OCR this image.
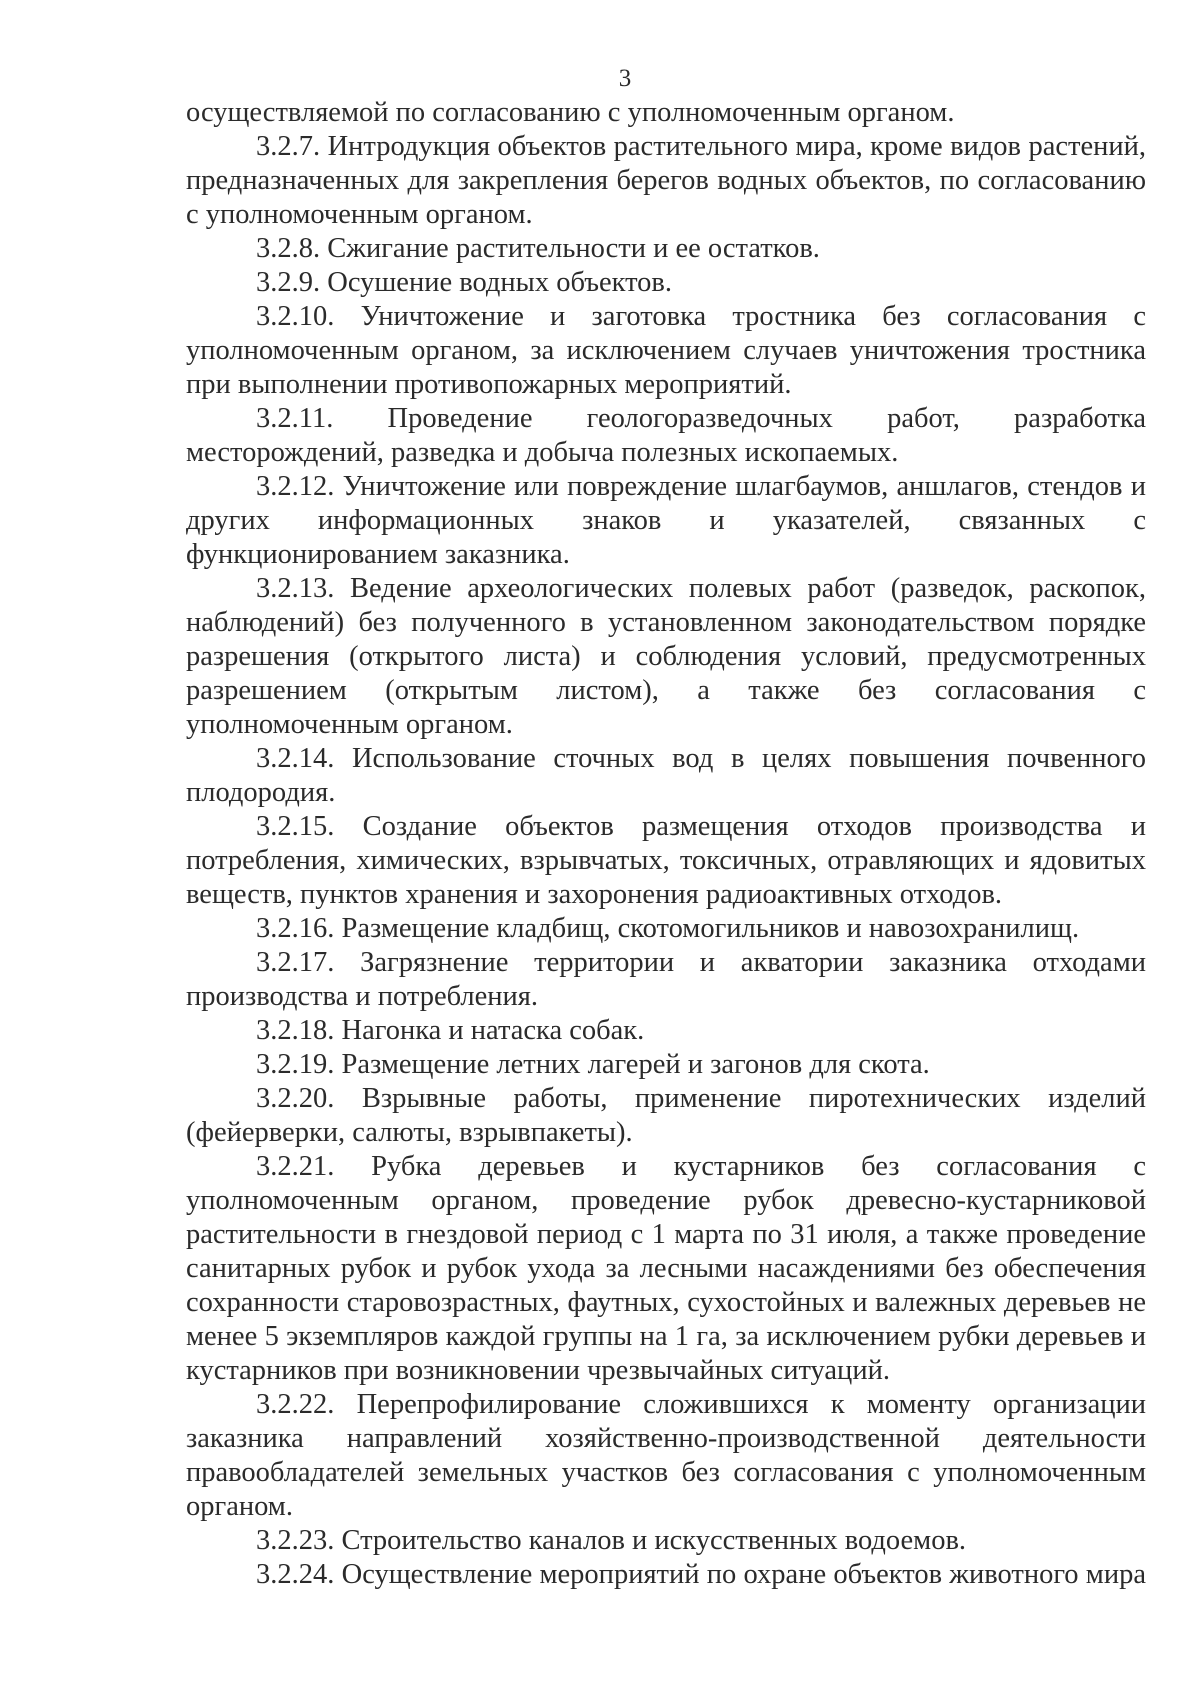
3

осуществляемой по согласованию с уполномоченным органом.

3.2.7. Интродукция объектов растительного мира, кроме видов растений, предназначенных для закрепления берегов водных объектов, по согласованию с уполномоченным органом.

3.2.8. Сжигание растительности и ее остатков.

3.2.9. Осушение водных объектов.

3.2.10. Уничтожение и заготовка тростника без согласования с уполномоченным органом, за исключением случаев уничтожения тростника при выполнении противопожарных мероприятий.

3.2.11. Проведение геологоразведочных работ, разработка месторождений, разведка и добыча полезных ископаемых.

3.2.12. Уничтожение или повреждение шлагбаумов, аншлагов, стендов и других информационных знаков и указателей, связанных с функционированием заказника.

3.2.13. Ведение археологических полевых работ (разведок, раскопок, наблюдений) без полученного в установленном законодательством порядке разрешения (открытого листа) и соблюдения условий, предусмотренных разрешением (открытым листом), а также без согласования с уполномоченным органом.

3.2.14. Использование сточных вод в целях повышения почвенного плодородия.

3.2.15. Создание объектов размещения отходов производства и потребления, химических, взрывчатых, токсичных, отравляющих и ядовитых веществ, пунктов хранения и захоронения радиоактивных отходов.

3.2.16. Размещение кладбищ, скотомогильников и навозохранилищ.

3.2.17. Загрязнение территории и акватории заказника отходами производства и потребления.

3.2.18. Нагонка и натаска собак.

3.2.19. Размещение летних лагерей и загонов для скота.

3.2.20. Взрывные работы, применение пиротехнических изделий (фейерверки, салюты, взрывпакеты).

3.2.21. Рубка деревьев и кустарников без согласования с уполномоченным органом, проведение рубок древесно-кустарниковой растительности в гнездовой период с 1 марта по 31 июля, а также проведение санитарных рубок и рубок ухода за лесными насаждениями без обеспечения сохранности старовозрастных, фаутных, сухостойных и валежных деревьев не менее 5 экземпляров каждой группы на 1 га, за исключением рубки деревьев и кустарников при возникновении чрезвычайных ситуаций.

3.2.22. Перепрофилирование сложившихся к моменту организации заказника направлений хозяйственно-производственной деятельности правообладателей земельных участков без согласования с уполномоченным органом.

3.2.23. Строительство каналов и искусственных водоемов.

3.2.24. Осуществление мероприятий по охране объектов животного мира
